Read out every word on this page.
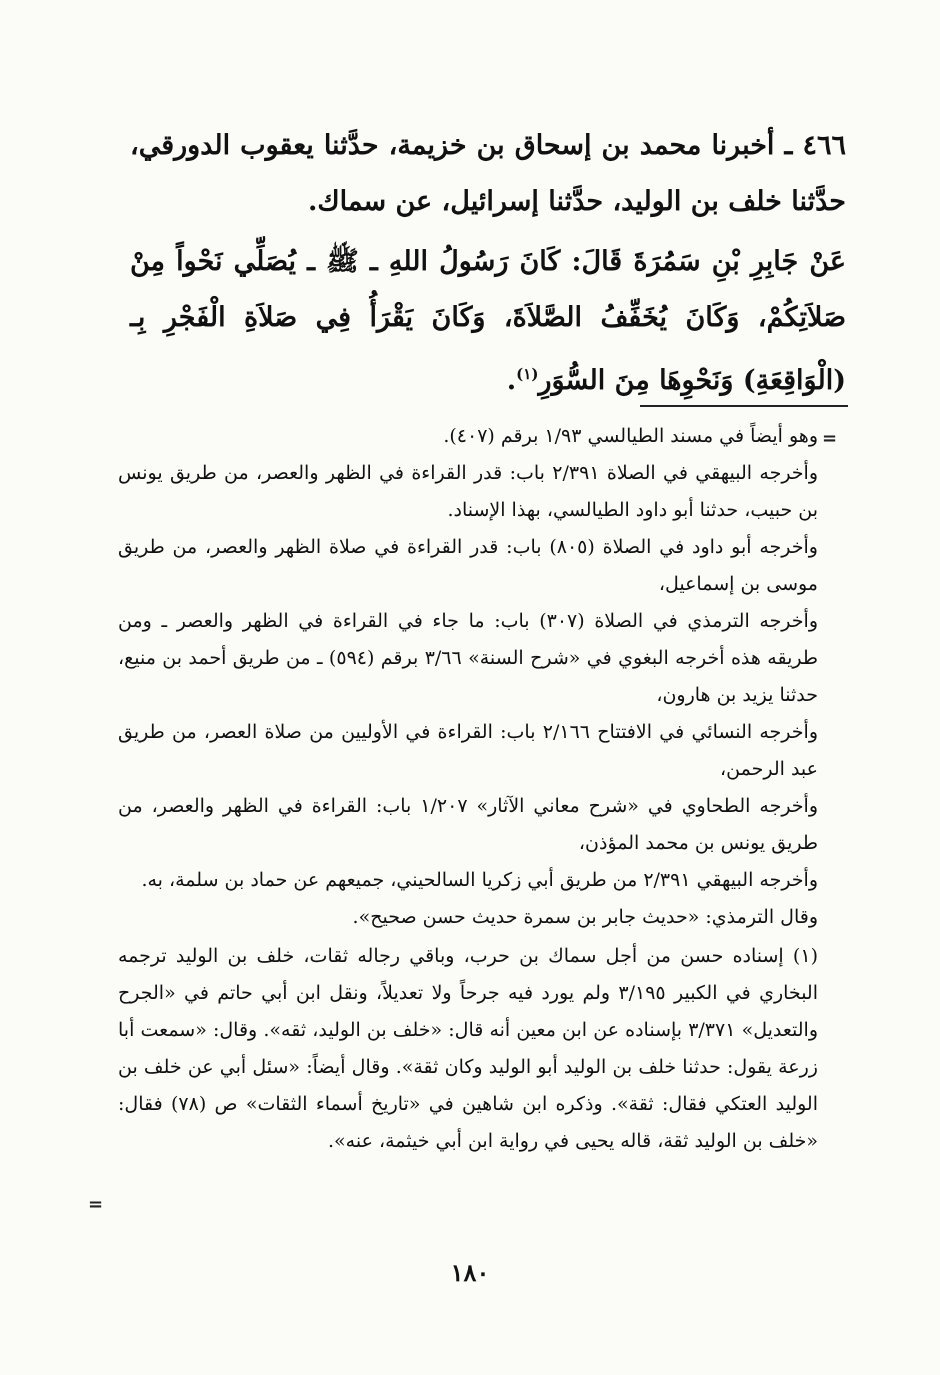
٤٦٦ ـ أخبرنا محمد بن إسحاق بن خزيمة، حدَّثنا يعقوب الدورقي، حدَّثنا خلف بن الوليد، حدَّثنا إسرائيل، عن سماك.

عَنْ جَابِرِ بْنِ سَمُرَةَ قَالَ: كَانَ رَسُولُ اللهِ ـ ﷺ ـ يُصَلِّي نَحْواً مِنْ صَلاَتِكُمْ، وَكَانَ يُخَفِّفُ الصَّلاَةَ، وَكَانَ يَقْرَأُ فِي صَلاَةِ الْفَجْرِ بِـ (الْوَاقِعَةِ) وَنَحْوِهَا مِنَ السُّوَرِ$^{(١)}$.

=

وهو أيضاً في مسند الطيالسي ١/٩٣ برقم (٤٠٧).

وأخرجه البيهقي في الصلاة ٢/٣٩١ باب: قدر القراءة في الظهر والعصر، من طريق يونس بن حبيب، حدثنا أبو داود الطيالسي، بهذا الإسناد.

وأخرجه أبو داود في الصلاة (٨٠٥) باب: قدر القراءة في صلاة الظهر والعصر، من طريق موسى بن إسماعيل،

وأخرجه الترمذي في الصلاة (٣٠٧) باب: ما جاء في القراءة في الظهر والعصر ـ ومن طريقه هذه أخرجه البغوي في «شرح السنة» ٣/٦٦ برقم (٥٩٤) ـ من طريق أحمد بن منيع، حدثنا يزيد بن هارون،

وأخرجه النسائي في الافتتاح ٢/١٦٦ باب: القراءة في الأوليين من صلاة العصر، من طريق عبد الرحمن،

وأخرجه الطحاوي في «شرح معاني الآثار» ١/٢٠٧ باب: القراءة في الظهر والعصر، من طريق يونس بن محمد المؤذن،

وأخرجه البيهقي ٢/٣٩١ من طريق أبي زكريا السالحيني، جميعهم عن حماد بن سلمة، به.

وقال الترمذي: «حديث جابر بن سمرة حديث حسن صحيح».

(١) إسناده حسن من أجل سماك بن حرب، وباقي رجاله ثقات، خلف بن الوليد ترجمه البخاري في الكبير ٣/١٩٥ ولم يورد فيه جرحاً ولا تعديلاً، ونقل ابن أبي حاتم في «الجرح والتعديل» ٣/٣٧١ بإسناده عن ابن معين أنه قال: «خلف بن الوليد، ثقه». وقال: «سمعت أبا زرعة يقول: حدثنا خلف بن الوليد أبو الوليد وكان ثقة». وقال أيضاً: «سئل أبي عن خلف بن الوليد العتكي فقال: ثقة». وذكره ابن شاهين في «تاريخ أسماء الثقات» ص (٧٨) فقال: «خلف بن الوليد ثقة، قاله يحيى في رواية ابن أبي خيثمة، عنه».

=
١٨٠
